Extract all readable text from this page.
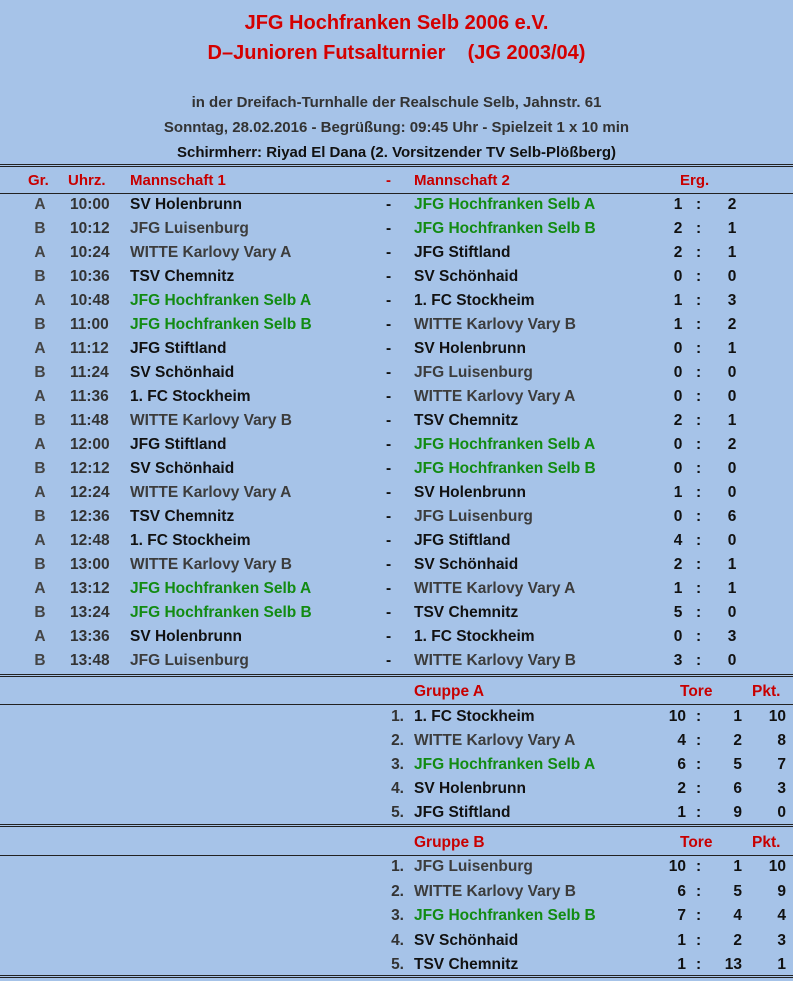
JFG Hochfranken Selb 2006 e.V.
D–Junioren Futsalturnier    (JG 2003/04)
in der Dreifach-Turnhalle der Realschule Selb, Jahnstr. 61
Sonntag, 28.02.2016 - Begrüßung: 09:45 Uhr - Spielzeit 1 x 10 min
Schirmherr: Riyad El Dana (2. Vorsitzender TV Selb-Plößberg)
Gr. Uhrz. Mannschaft 1	- Mannschaft 2	Erg.
A	10:00 SV Holenbrunn	- JFG Hochfranken Selb A	1 : 2
B	10:12 JFG Luisenburg	- JFG Hochfranken Selb B	2 : 1
A	10:24 WITTE Karlovy Vary A	- JFG Stiftland	2 : 1
B	10:36 TSV Chemnitz	- SV Schönhaid	0 : 0
A	10:48 JFG Hochfranken Selb A	- 1. FC Stockheim	1 : 3
B	11:00 JFG Hochfranken Selb B	- WITTE Karlovy Vary B	1 : 2
A	11:12 JFG Stiftland	- SV Holenbrunn	0 : 1
B	11:24 SV Schönhaid	- JFG Luisenburg	0 : 0
A	11:36 1. FC Stockheim	- WITTE Karlovy Vary A	0 : 0
B	11:48 WITTE Karlovy Vary B	- TSV Chemnitz	2 : 1
A	12:00 JFG Stiftland	- JFG Hochfranken Selb A	0 : 2
B	12:12 SV Schönhaid	- JFG Hochfranken Selb B	0 : 0
A	12:24 WITTE Karlovy Vary A	- SV Holenbrunn	1 : 0
B	12:36 TSV Chemnitz	- JFG Luisenburg	0 : 6
A	12:48 1. FC Stockheim	- JFG Stiftland	4 : 0
B	13:00 WITTE Karlovy Vary B	- SV Schönhaid	2 : 1
A	13:12 JFG Hochfranken Selb A	- WITTE Karlovy Vary A	1 : 1
B	13:24 JFG Hochfranken Selb B	- TSV Chemnitz	5 : 0
A	13:36 SV Holenbrunn	- 1. FC Stockheim	0 : 3
B	13:48 JFG Luisenburg	- WITTE Karlovy Vary B	3 : 0
Gruppe A	Tore	Pkt.
1. 1. FC Stockheim	10 :	1	10
2. WITTE Karlovy Vary A	4 :	2	8
3. JFG Hochfranken Selb A	6 :	5	7
4. SV Holenbrunn	2 :	6	3
5. JFG Stiftland	1 :	9	0
Gruppe B	Tore	Pkt.
1. JFG Luisenburg	10 :	1	10
2. WITTE Karlovy Vary B	6 :	5	9
3. JFG Hochfranken Selb B	7 :	4	4
4. SV Schönhaid	1 :	2	3
5. TSV Chemnitz	1 :	13	1
